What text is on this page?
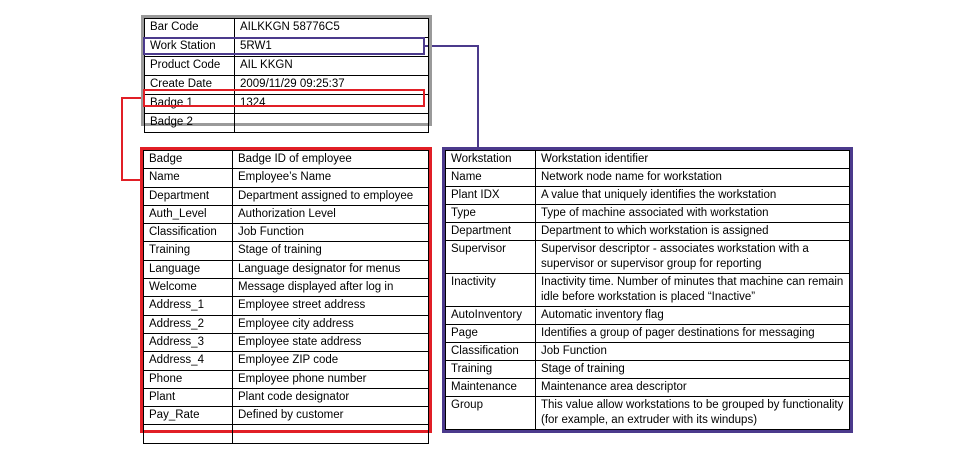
Bar Code	AILKKGN 58776C5
Work Station	5RW1
Product Code	AIL KKGN
Create Date	2009/11/29 09:25:37
Badge 1	1324
Badge 2	
Badge	Badge ID of employee
Name	Employee’s Name
Department	Department assigned to employee
Auth_Level	Authorization Level
Classification	Job Function
Training	Stage of training
Language	Language designator for menus
Welcome	Message displayed after log in
Address_1	Employee street address
Address_2	Employee city address
Address_3	Employee state address
Address_4	Employee ZIP code
Phone	Employee phone number
Plant	Plant code designator
Pay_Rate	Defined by customer

Workstation	Workstation identifier
Name	Network node name for workstation
Plant IDX	A value that uniquely identifies the workstation
Type	Type of machine associated with workstation
Department	Department to which workstation is assigned
Supervisor	Supervisor descriptor - associates workstation with a supervisor or supervisor group for reporting
Inactivity	Inactivity time. Number of minutes that machine can remain idle before workstation is placed “Inactive”
AutoInventory	Automatic inventory flag
Page	Identifies a group of pager destinations for messaging
Classification	Job Function
Training	Stage of training
Maintenance	Maintenance area descriptor
Group	This value allow workstations to be grouped by functionality (for example, an extruder with its windups)
